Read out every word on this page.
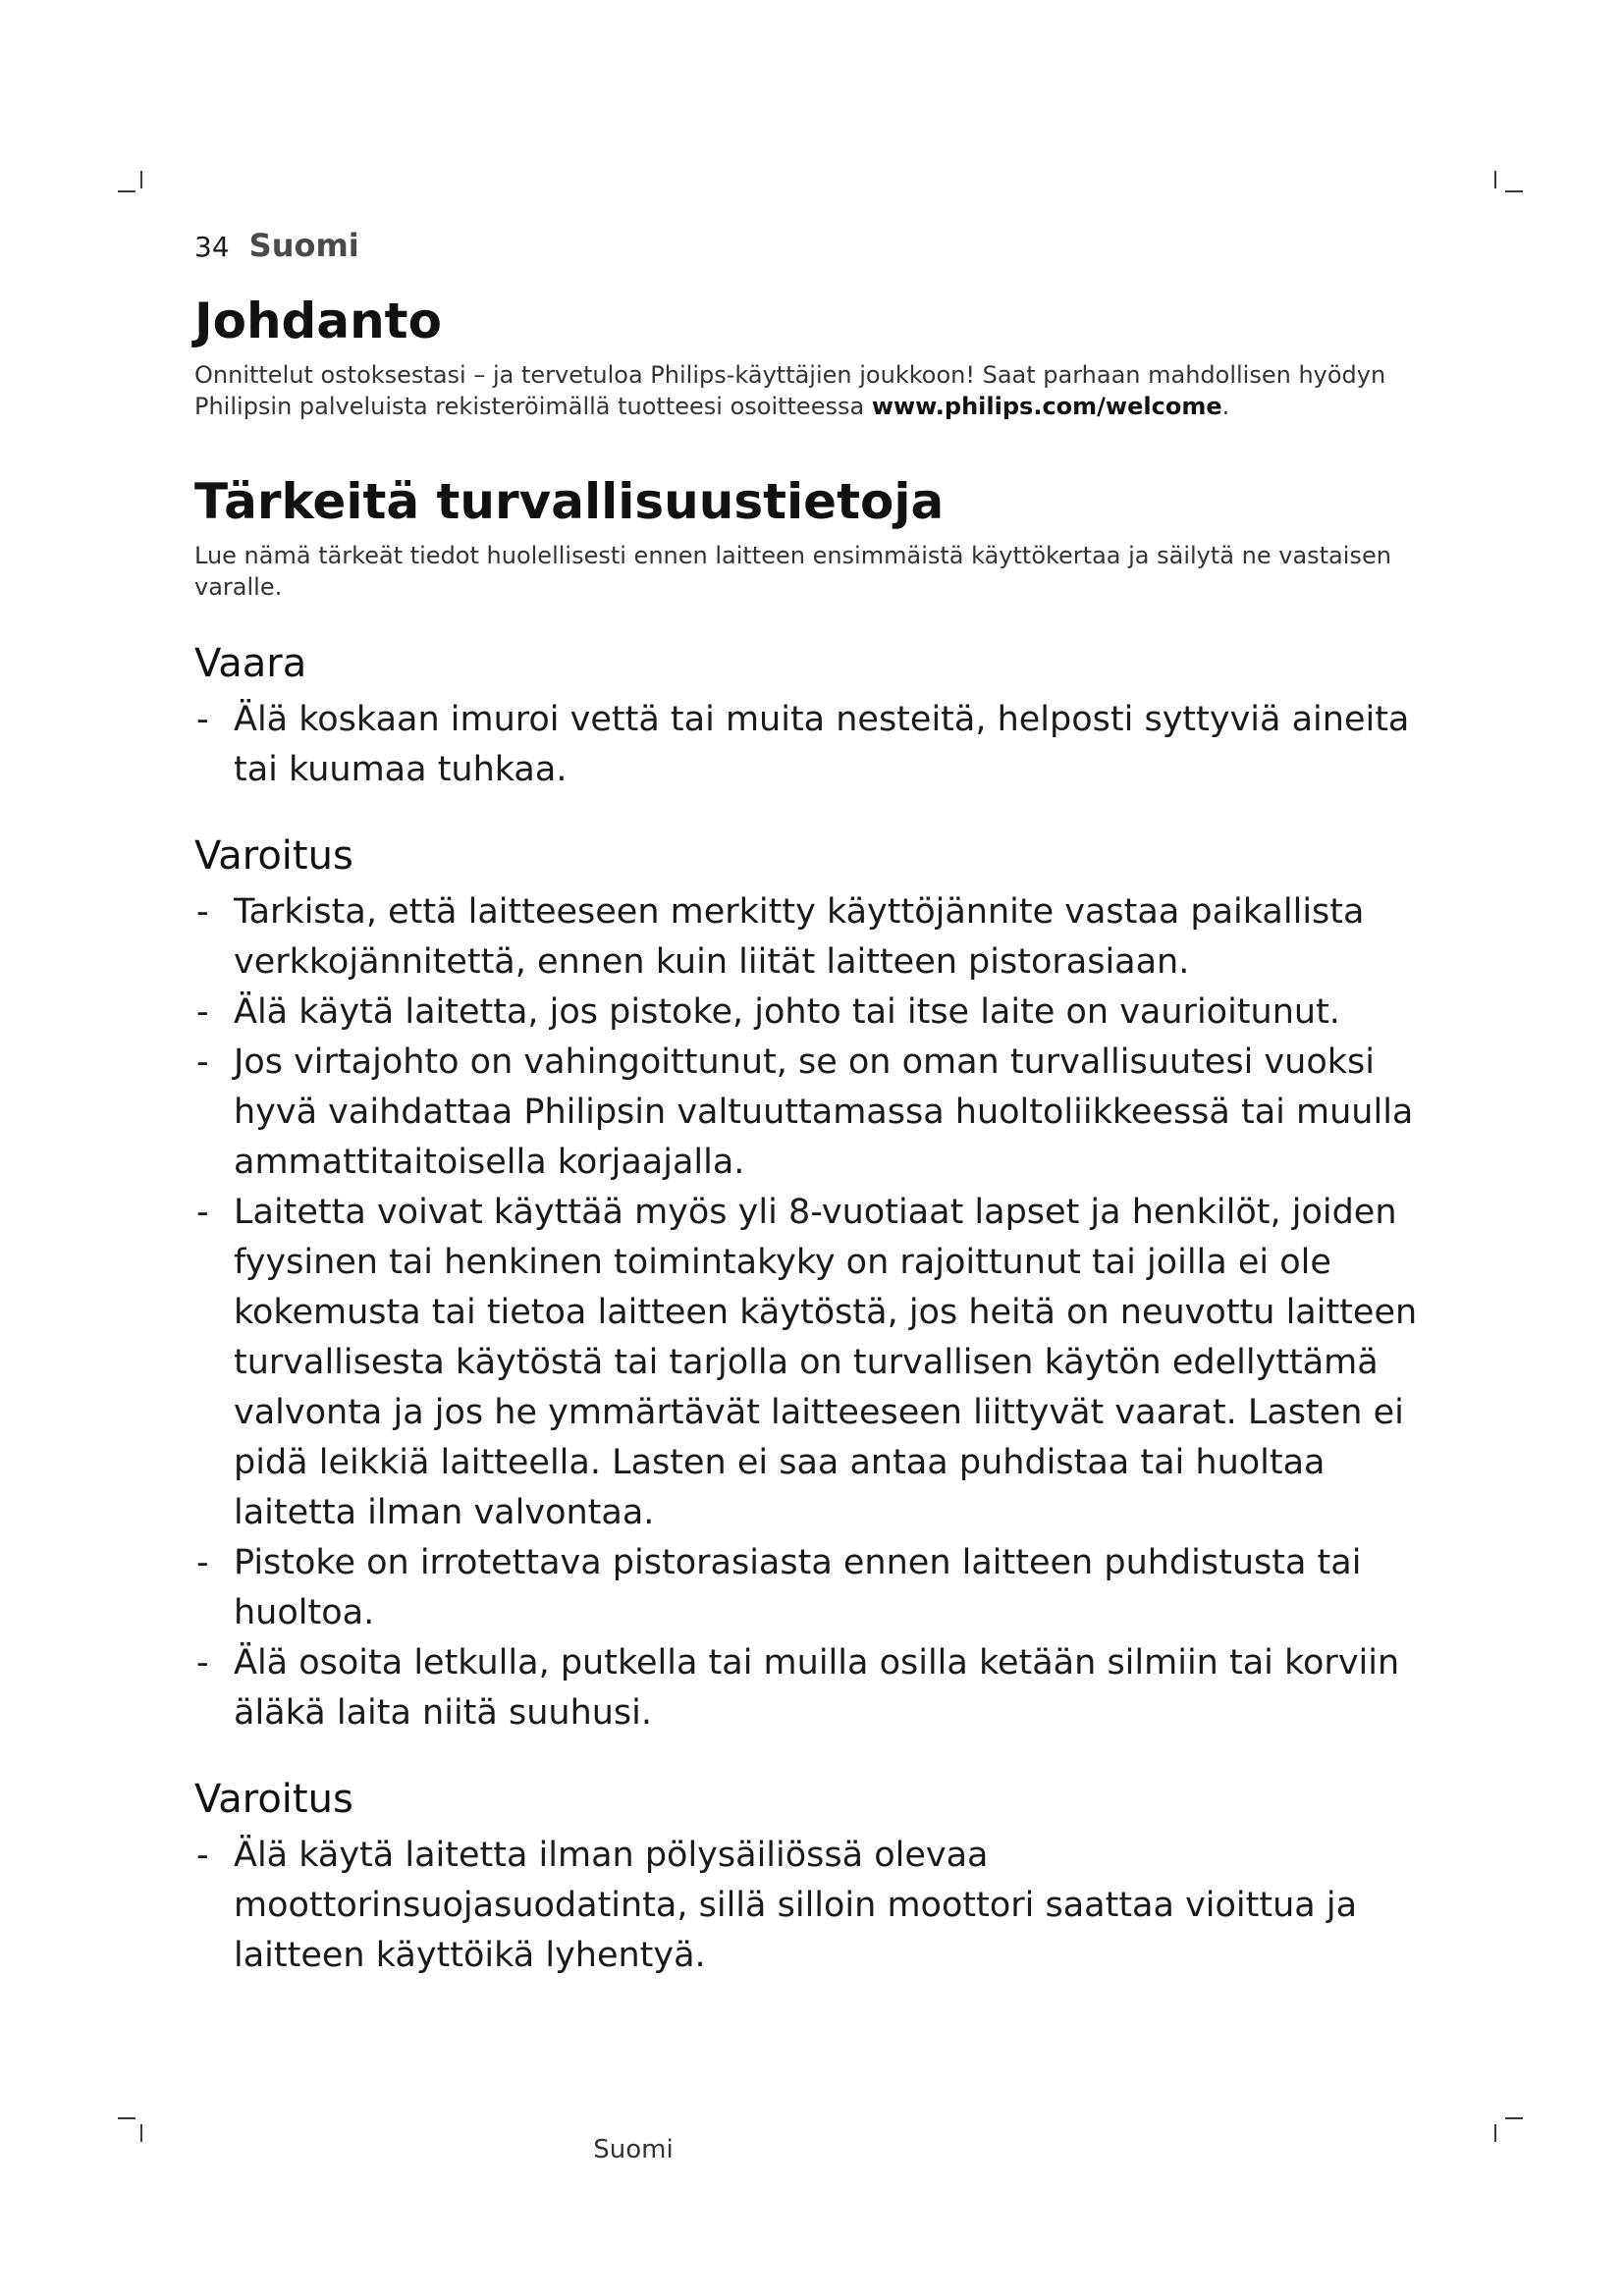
34 Suomi
Johdanto

Onnittelut ostoksestasi – ja tervetuloa Philips-käyttäjien joukkoon! Saat parhaan mahdollisen hyödyn Philipsin palveluista rekisteröimällä tuotteesi osoitteessa www.philips.com/welcome.

Tärkeitä turvallisuustietoja

Lue nämä tärkeät tiedot huolellisesti ennen laitteen ensimmäistä käyttökertaa ja säilytä ne vastaisen varalle.

Vaara
- Älä koskaan imuroi vettä tai muita nesteitä, helposti syttyviä aineita tai kuumaa tuhkaa.
Varoitus
- Tarkista, että laitteeseen merkitty käyttöjännite vastaa paikallista verkkojännitettä, ennen kuin liität laitteen pistorasiaan.
- Älä käytä laitetta, jos pistoke, johto tai itse laite on vaurioitunut.
- Jos virtajohto on vahingoittunut, se on oman turvallisuutesi vuoksi hyvä vaihdattaa Philipsin valtuuttamassa huoltoliikkeessä tai muulla ammattitaitoisella korjaajalla.
- Laitetta voivat käyttää myös yli 8-vuotiaat lapset ja henkilöt, joiden fyysinen tai henkinen toimintakyky on rajoittunut tai joilla ei ole kokemusta tai tietoa laitteen käytöstä, jos heitä on neuvottu laitteen turvallisesta käytöstä tai tarjolla on turvallisen käytön edellyttämä valvonta ja jos he ymmärtävät laitteeseen liittyvät vaarat. Lasten ei pidä leikkiä laitteella. Lasten ei saa antaa puhdistaa tai huoltaa laitetta ilman valvontaa.
- Pistoke on irrotettava pistorasiasta ennen laitteen puhdistusta tai huoltoa.
- Älä osoita letkulla, putkella tai muilla osilla ketään silmiin tai korviin äläkä laita niitä suuhusi.
Varoitus
- Älä käytä laitetta ilman pölysäiliössä olevaa moottorinsuojasuodatinta, sillä silloin moottori saattaa vioittua ja laitteen käyttöikä lyhentyä.
Suomi
